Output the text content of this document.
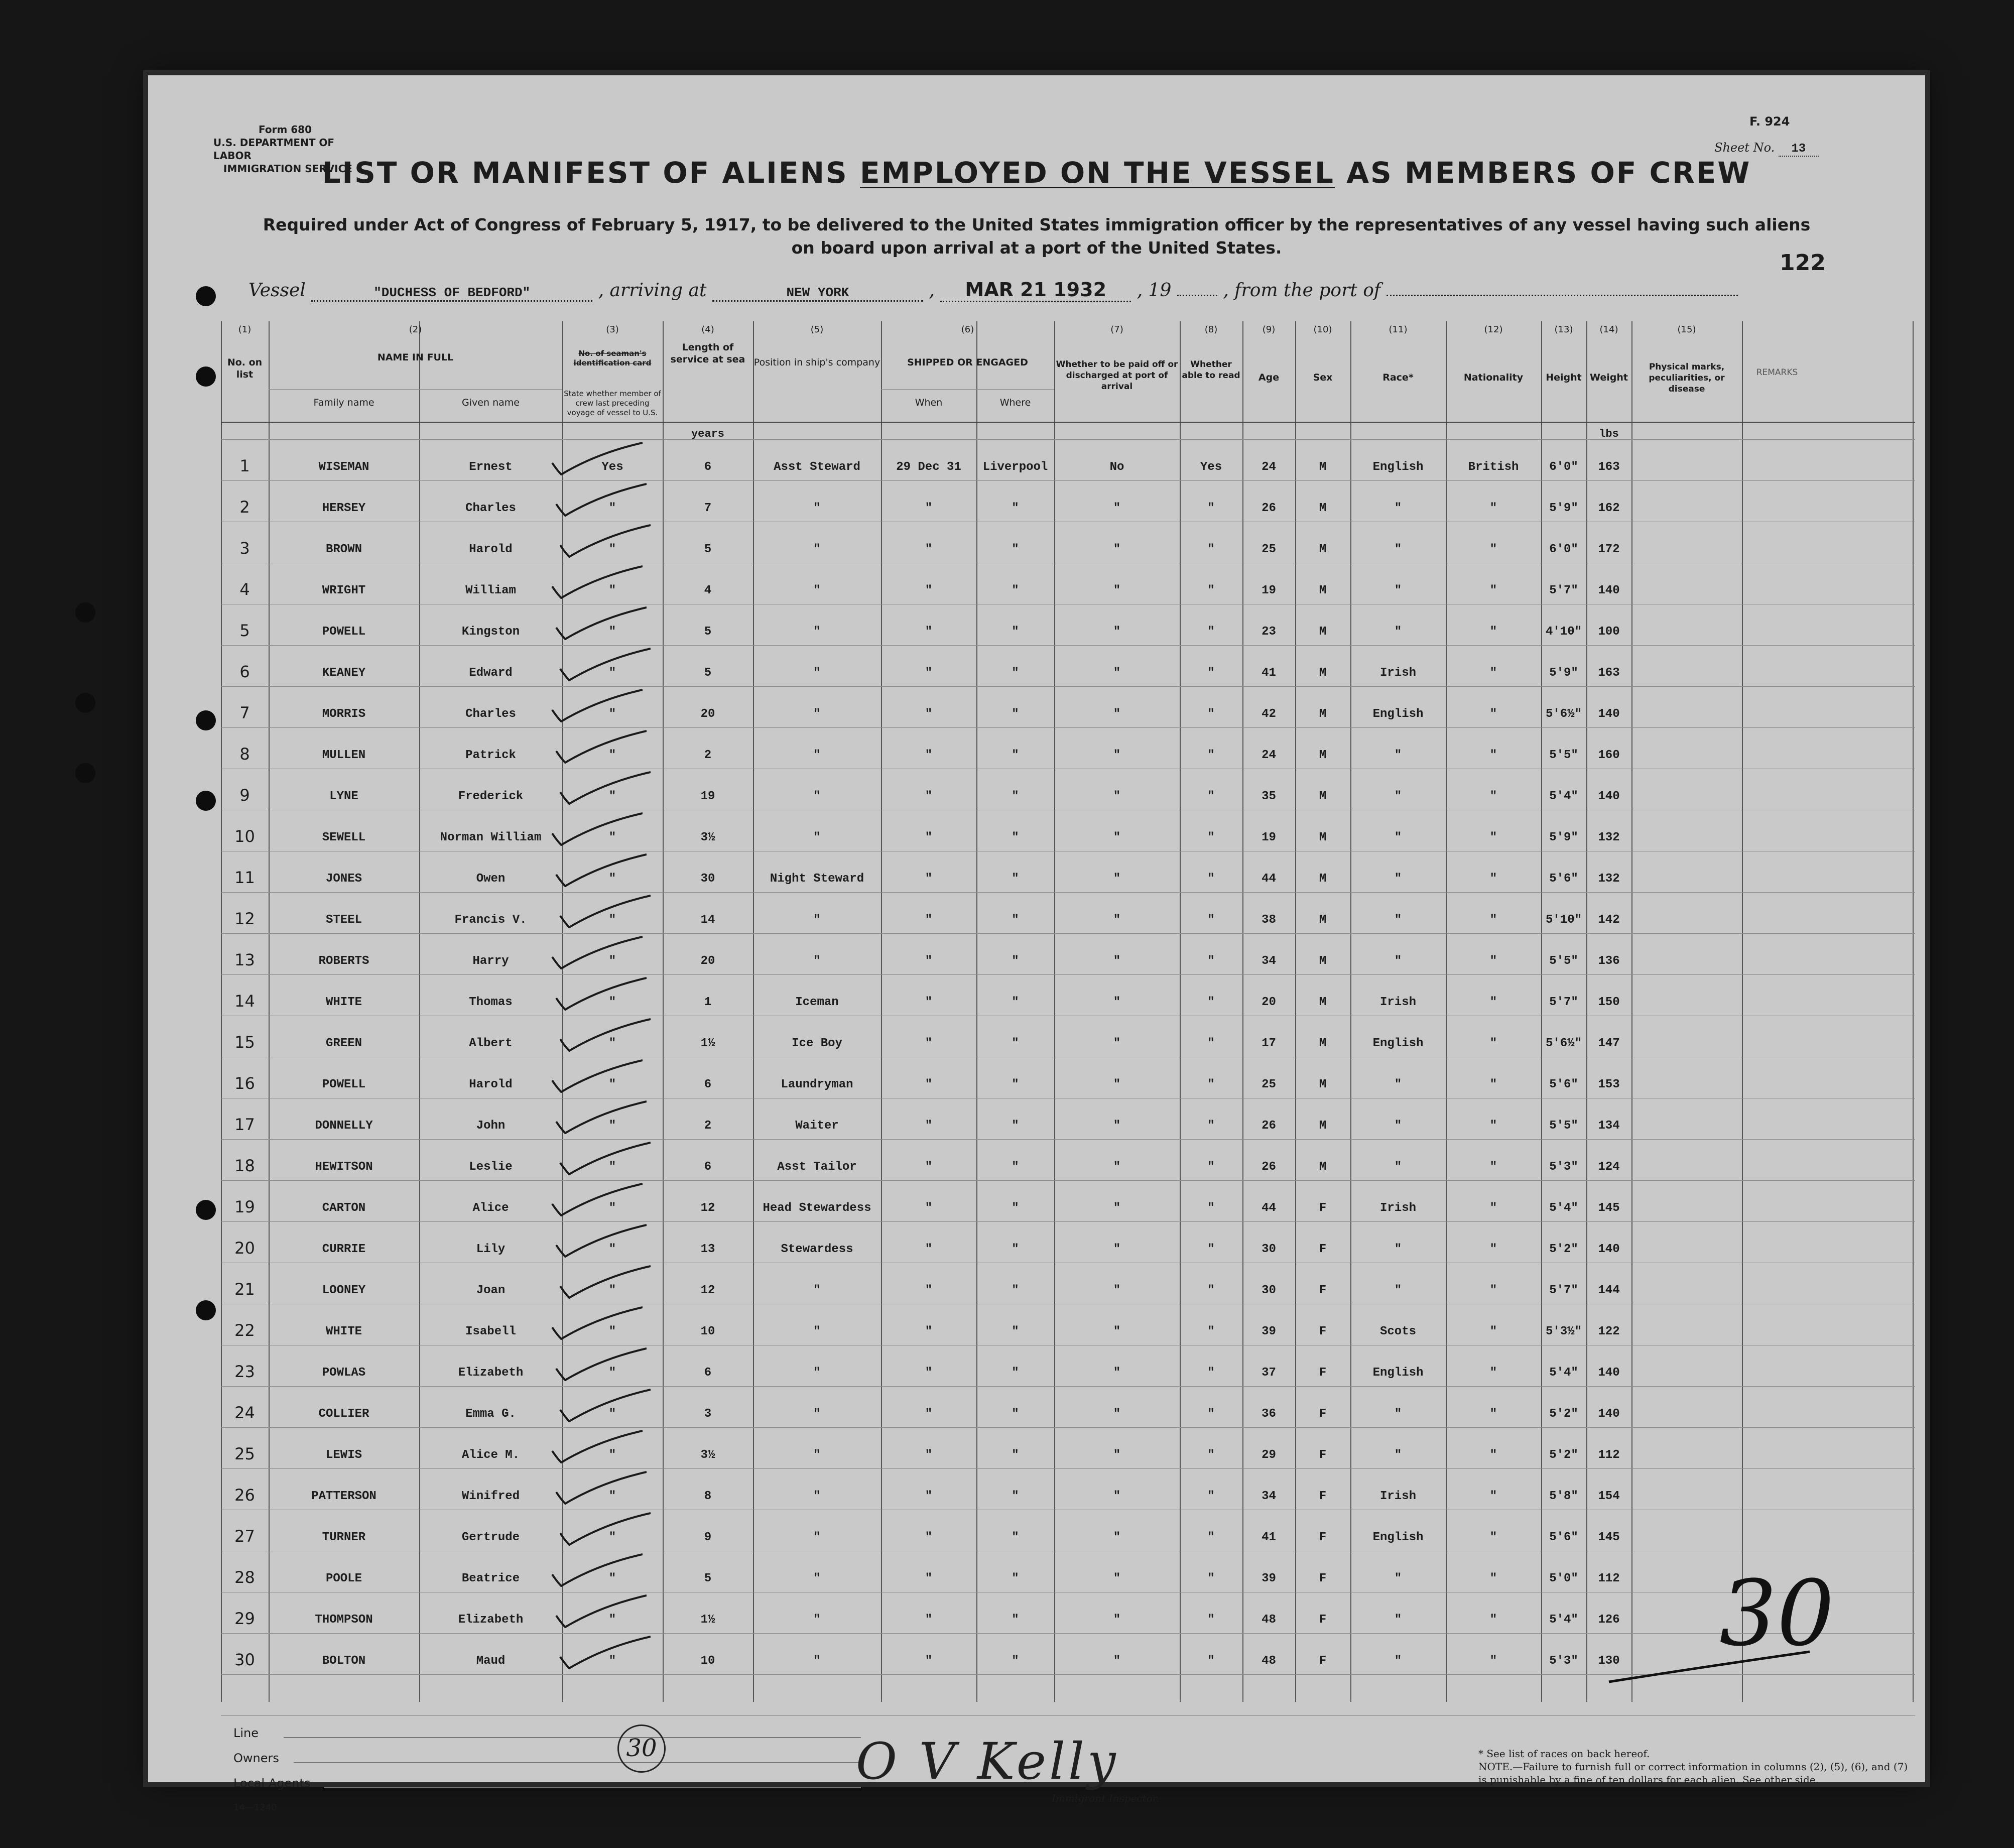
Form 680
U.S. DEPARTMENT OF LABOR
IMMIGRATION SERVICE
F. 924
Sheet No. 13
LIST OR MANIFEST OF ALIENS EMPLOYED ON THE VESSEL AS MEMBERS OF CREW
Required under Act of Congress of February 5, 1917, to be delivered to the United States immigration officer by the representatives of any vessel having such aliens on board upon arrival at a port of the United States.
122
Vessel	"DUCHESS OF BEDFORD"	, arriving at	NEW YORK	, MAR 21 1932 , 19	, from the port of
(1)	(2)	(3)	(4)	(5)	(6)	(7)	(8)	(9)	(10)	(11)	(12)	(13)	(14)	(15)
No. on list
NAME IN FULL
Family name	Given name
No. of seaman's identification card
State whether member of crew last preceding voyage of vessel to U.S.
Length of service at sea Position in ship's company	SHIPPED OR ENGAGED
When	Where
Whether to be paid off or discharged at port of arrival
Whether able to read	Age	Sex	Race*	Nationality	Height Weight
Physical marks, peculiarities, or disease
REMARKS
years	lbs
1	WISEMAN	Ernest	Yes	6	Asst Steward	29 Dec 31	Liverpool	No	Yes	24	M	English	British	6'0"	163
2	HERSEY	Charles	"	7	"	"	"	"	"	26	M	"	"	5'9"	162
3	BROWN	Harold	"	5	"	"	"	"	"	25	M	"	"	6'0"	172
4	WRIGHT	William	"	4	"	"	"	"	"	19	M	"	"	5'7"	140
5	POWELL	Kingston	"	5	"	"	"	"	"	23	M	"	"	4'10"	100
6	KEANEY	Edward	"	5	"	"	"	"	"	41	M	Irish	"	5'9"	163
7	MORRIS	Charles	"	20	"	"	"	"	"	42	M	English	"	5'6½"	140
8	MULLEN	Patrick	"	2	"	"	"	"	"	24	M	"	"	5'5"	160
9	LYNE	Frederick	"	19	"	"	"	"	"	35	M	"	"	5'4"	140
10	SEWELL	Norman William	"	3½	"	"	"	"	"	19	M	"	"	5'9"	132
11	JONES	Owen	"	30	Night Steward	"	"	"	"	44	M	"	"	5'6"	132
12	STEEL	Francis V.	"	14	"	"	"	"	"	38	M	"	"	5'10"	142
13	ROBERTS	Harry	"	20	"	"	"	"	"	34	M	"	"	5'5"	136
14	WHITE	Thomas	"	1	Iceman	"	"	"	"	20	M	Irish	"	5'7"	150
15	GREEN	Albert	"	1½	Ice Boy	"	"	"	"	17	M	English	"	5'6½"	147
16	POWELL	Harold	"	6	Laundryman	"	"	"	"	25	M	"	"	5'6"	153
17	DONNELLY	John	"	2	Waiter	"	"	"	"	26	M	"	"	5'5"	134
18	HEWITSON	Leslie	"	6	Asst Tailor	"	"	"	"	26	M	"	"	5'3"	124
19	CARTON	Alice	"	12	Head Stewardess	"	"	"	"	44	F	Irish	"	5'4"	145
20	CURRIE	Lily	"	13	Stewardess	"	"	"	"	30	F	"	"	5'2"	140
21	LOONEY	Joan	"	12	"	"	"	"	"	30	F	"	"	5'7"	144
22	WHITE	Isabell	"	10	"	"	"	"	"	39	F	Scots	"	5'3½"	122
23	POWLAS	Elizabeth	"	6	"	"	"	"	"	37	F	English	"	5'4"	140
24	COLLIER	Emma G.	"	3	"	"	"	"	"	36	F	"	"	5'2"	140
25	LEWIS	Alice M.	"	3½	"	"	"	"	"	29	F	"	"	5'2"	112
26	PATTERSON	Winifred	"	8	"	"	"	"	"	34	F	Irish	"	5'8"	154
27	TURNER	Gertrude	"	9	"	"	"	"	"	41	F	English	"	5'6"	145
28	POOLE	Beatrice	"	5	"	"	"	"	"	39	F	"	"	5'0"	112
29	THOMPSON	Elizabeth	"	1½	"	"	"	"	"	48	F	"	"	5'4"	126
30	BOLTON	Maud	"	10	"	"	"	"	"	48	F	"	"	5'3"	130
Line
Owners
Local Agents
14—1240
30	O V Kelly
Immigrant Inspector.
30
* See list of races on back hereof.
NOTE.—Failure to furnish full or correct information in columns (2), (5), (6), and (7) is punishable by a fine of ten dollars for each alien. See other side.
